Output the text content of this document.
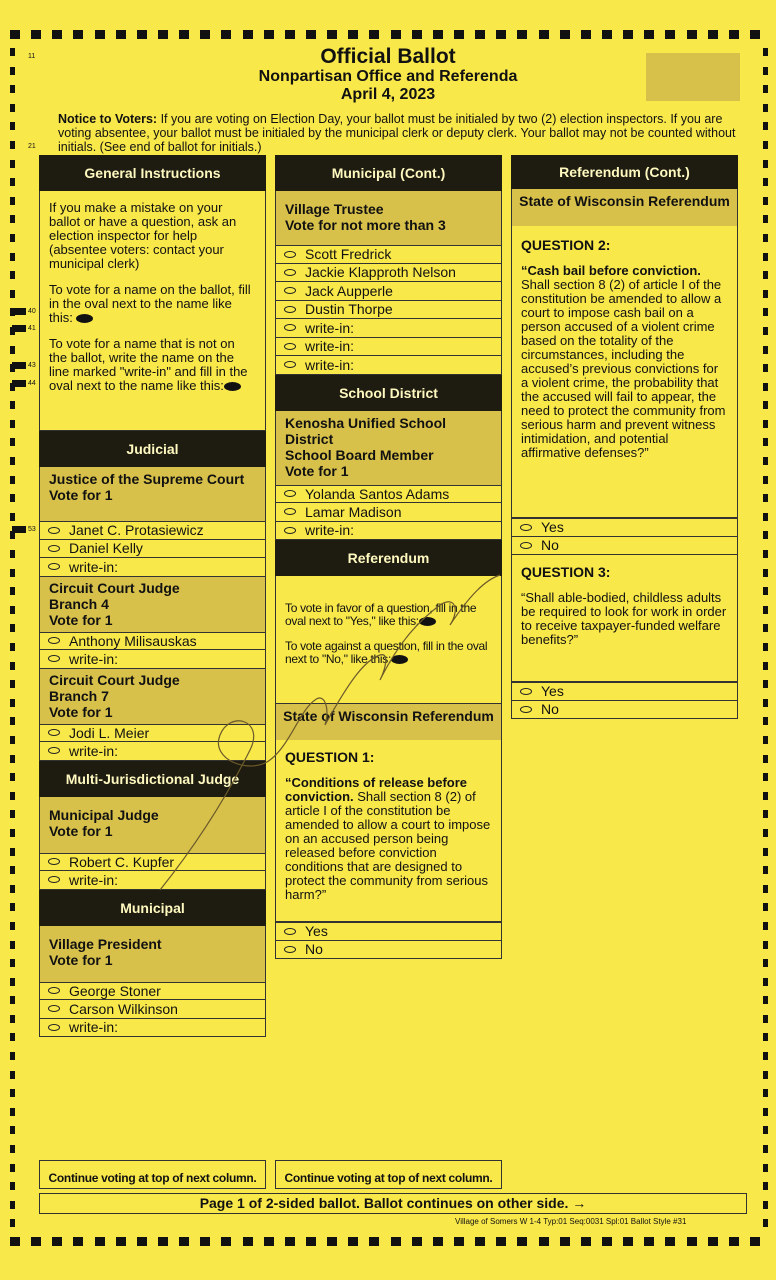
11
21
40
41
43
44
53
Official Ballot
Nonpartisan Office and Referenda
April 4, 2023
Notice to Voters: If you are voting on Election Day, your ballot must be initialed by two (2) election inspectors. If you are voting absentee, your ballot must be initialed by the municipal clerk or deputy clerk. Your ballot may not be counted without initials. (See end of ballot for initials.)
General Instructions

If you make a mistake on your ballot or have a question, ask an election inspector for help (absentee voters: contact your municipal clerk)

To vote for a name on the ballot, fill in the oval next to the name like this:

To vote for a name that is not on the ballot, write the name on the line marked "write-in" and fill in the oval next to the name like this:

Judicial
Justice of the Supreme Court
Vote for 1
Janet C. Protasiewicz
Daniel Kelly
write-in:
Circuit Court Judge Branch 4
Vote for 1
Anthony Milisauskas
write-in:
Circuit Court Judge Branch 7
Vote for 1
Jodi L. Meier
write-in:
Multi-Jurisdictional Judge
Municipal Judge
Vote for 1
Robert C. Kupfer
write-in:
Municipal
Village President
Vote for 1
George Stoner
Carson Wilkinson
write-in:
Municipal (Cont.)
Village Trustee
Vote for not more than 3
Scott Fredrick
Jackie Klapproth Nelson
Jack Aupperle
Dustin Thorpe
write-in:
write-in:
write-in:
School District
Kenosha Unified School District
School Board Member
Vote for 1
Yolanda Santos Adams
Lamar Madison
write-in:
Referendum

To vote in favor of a question, fill in the oval next to "Yes," like this:

To vote against a question, fill in the oval next to "No," like this:

State of Wisconsin Referendum
QUESTION 1:
“Conditions of release before conviction. Shall section 8 (2) of article I of the constitution be amended to allow a court to impose on an accused person being released before conviction conditions that are designed to protect the community from serious harm?”
Yes
No
Referendum (Cont.)
State of Wisconsin Referendum
QUESTION 2:
“Cash bail before conviction. Shall section 8 (2) of article I of the constitution be amended to allow a court to impose cash bail on a person accused of a violent crime based on the totality of the circumstances, including the accused’s previous convictions for a violent crime, the probability that the accused will fail to appear, the need to protect the community from serious harm and prevent witness intimidation, and potential affirmative defenses?”
Yes
No
QUESTION 3:
“Shall able-bodied, childless adults be required to look for work in order to receive taxpayer-funded welfare benefits?”
Yes
No
Continue voting at top of next column.	Continue voting at top of next column.
Page 1 of 2-sided ballot. Ballot continues on other side. →
Village of Somers W 1-4 Typ:01 Seq:0031 Spl:01 Ballot Style #31
